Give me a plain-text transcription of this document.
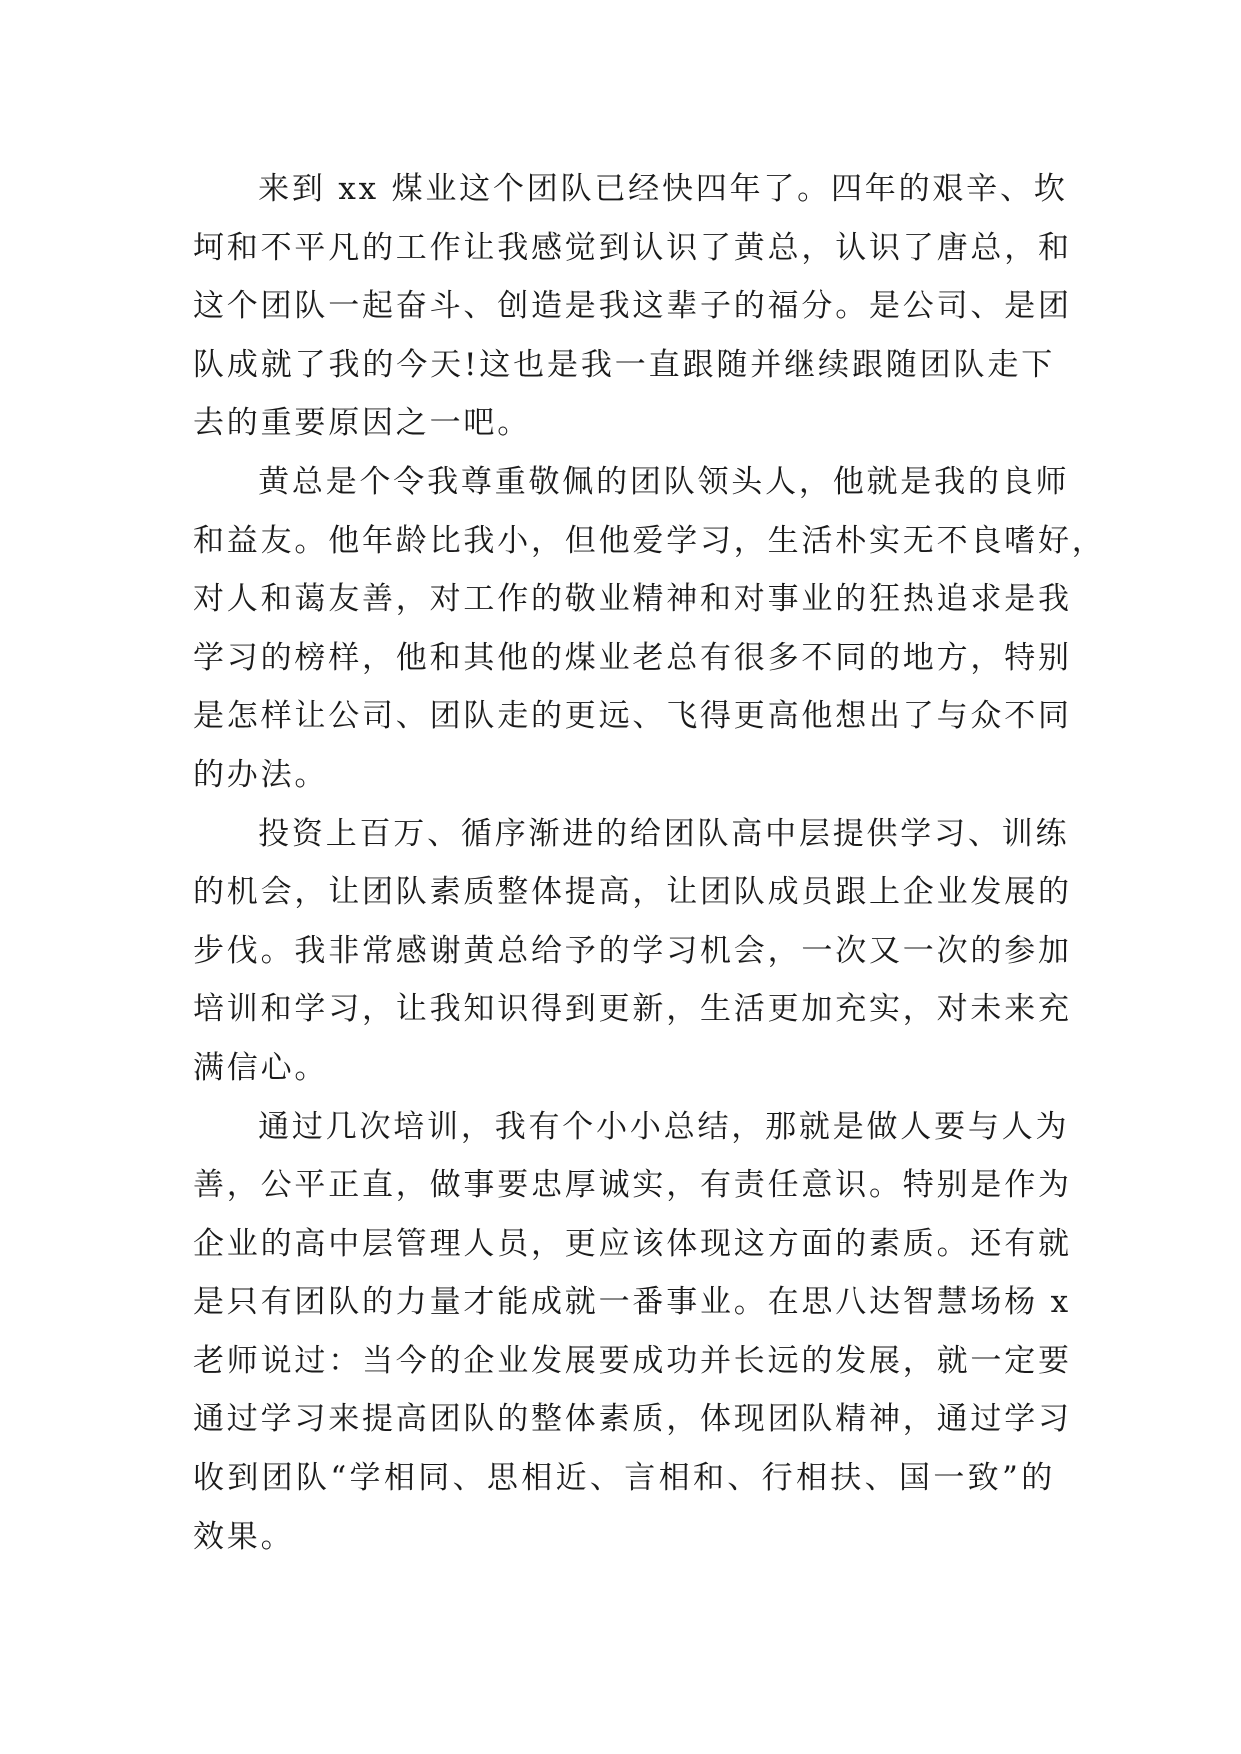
来到 xx 煤业这个团队已经快四年了。四年的艰辛、坎
坷和不平凡的工作让我感觉到认识了黄总，认识了唐总，和
这个团队一起奋斗、创造是我这辈子的福分。是公司、是团
队成就了我的今天!这也是我一直跟随并继续跟随团队走下
去的重要原因之一吧。

黄总是个令我尊重敬佩的团队领头人，他就是我的良师
和益友。他年龄比我小，但他爱学习，生活朴实无不良嗜好，
对人和蔼友善，对工作的敬业精神和对事业的狂热追求是我
学习的榜样，他和其他的煤业老总有很多不同的地方，特别
是怎样让公司、团队走的更远、飞得更高他想出了与众不同
的办法。

投资上百万、循序渐进的给团队高中层提供学习、训练
的机会，让团队素质整体提高，让团队成员跟上企业发展的
步伐。我非常感谢黄总给予的学习机会，一次又一次的参加
培训和学习，让我知识得到更新，生活更加充实，对未来充
满信心。

通过几次培训，我有个小小总结，那就是做人要与人为
善，公平正直，做事要忠厚诚实，有责任意识。特别是作为
企业的高中层管理人员，更应该体现这方面的素质。还有就
是只有团队的力量才能成就一番事业。在思八达智慧场杨 x
老师说过：当今的企业发展要成功并长远的发展，就一定要
通过学习来提高团队的整体素质，体现团队精神，通过学习
收到团队“学相同、思相近、言相和、行相扶、国一致”的
效果。
